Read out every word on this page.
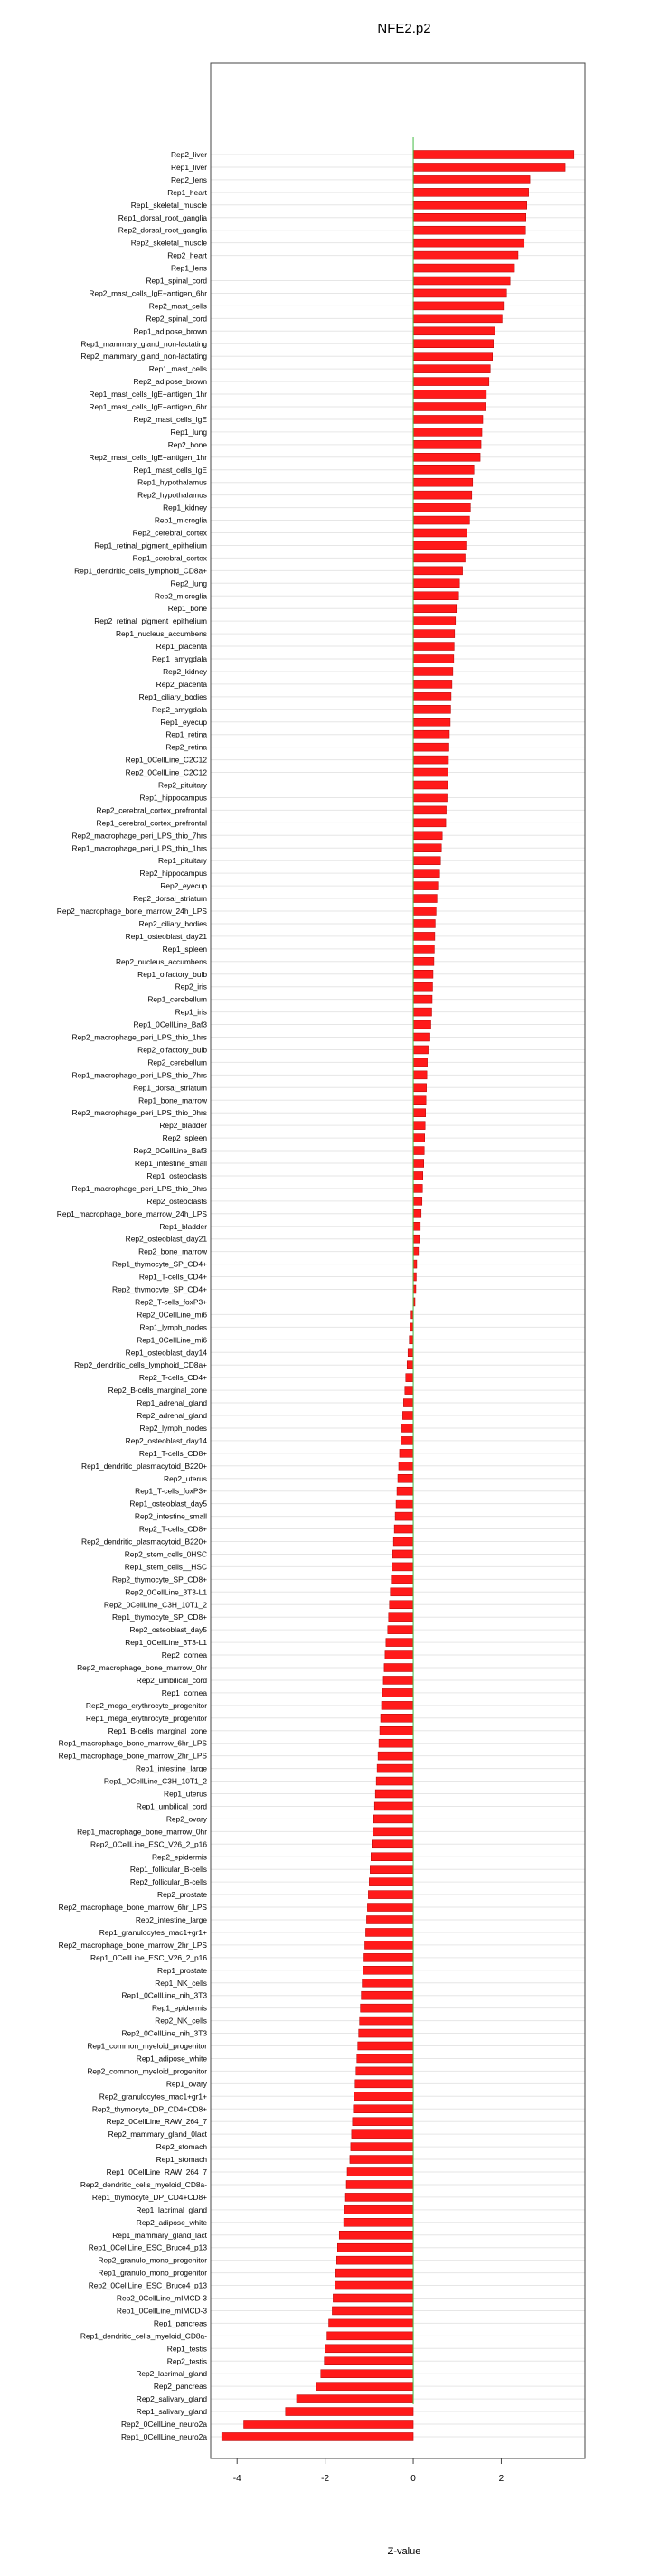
NFE2.p2
Rep2_liver
Rep1_liver
Rep2_lens
Rep1_heart
Rep1_skeletal_muscle
Rep1_dorsal_root_ganglia
Rep2_dorsal_root_ganglia
Rep2_skeletal_muscle
Rep2_heart
Rep1_lens
Rep1_spinal_cord
Rep2_mast_cells_IgE+antigen_6hr
Rep2_mast_cells
Rep2_spinal_cord
Rep1_adipose_brown
Rep1_mammary_gland_non-lactating
Rep2_mammary_gland_non-lactating
Rep1_mast_cells
Rep2_adipose_brown
Rep1_mast_cells_IgE+antigen_1hr
Rep1_mast_cells_IgE+antigen_6hr
Rep2_mast_cells_IgE
Rep1_lung
Rep2_bone
Rep2_mast_cells_IgE+antigen_1hr
Rep1_mast_cells_IgE
Rep1_hypothalamus
Rep2_hypothalamus
Rep1_kidney
Rep1_microglia
Rep2_cerebral_cortex
Rep1_retinal_pigment_epithelium
Rep1_cerebral_cortex
Rep1_dendritic_cells_lymphoid_CD8a+
Rep2_lung
Rep2_microglia
Rep1_bone
Rep2_retinal_pigment_epithelium
Rep1_nucleus_accumbens
Rep1_placenta
Rep1_amygdala
Rep2_kidney
Rep2_placenta
Rep1_ciliary_bodies
Rep2_amygdala
Rep1_eyecup
Rep1_retina
Rep2_retina
Rep1_0CellLine_C2C12
Rep2_0CellLine_C2C12
Rep2_pituitary
Rep1_hippocampus
Rep2_cerebral_cortex_prefrontal
Rep1_cerebral_cortex_prefrontal
Rep2_macrophage_peri_LPS_thio_7hrs
Rep1_macrophage_peri_LPS_thio_1hrs
Rep1_pituitary
Rep2_hippocampus
Rep2_eyecup
Rep2_dorsal_striatum
Rep2_macrophage_bone_marrow_24h_LPS
Rep2_ciliary_bodies
Rep1_osteoblast_day21
Rep1_spleen
Rep2_nucleus_accumbens
Rep1_olfactory_bulb
Rep2_iris
Rep1_cerebellum
Rep1_iris
Rep1_0CellLine_Baf3
Rep2_macrophage_peri_LPS_thio_1hrs
Rep2_olfactory_bulb
Rep2_cerebellum
Rep1_macrophage_peri_LPS_thio_7hrs
Rep1_dorsal_striatum
Rep1_bone_marrow
Rep2_macrophage_peri_LPS_thio_0hrs
Rep2_bladder
Rep2_spleen
Rep2_0CellLine_Baf3
Rep1_intestine_small
Rep1_osteoclasts
Rep1_macrophage_peri_LPS_thio_0hrs
Rep2_osteoclasts
Rep1_macrophage_bone_marrow_24h_LPS
Rep1_bladder
Rep2_osteoblast_day21
Rep2_bone_marrow
Rep1_thymocyte_SP_CD4+
Rep1_T-cells_CD4+
Rep2_thymocyte_SP_CD4+
Rep2_T-cells_foxP3+
Rep2_0CellLine_mi6
Rep1_lymph_nodes
Rep1_0CellLine_mi6
Rep1_osteoblast_day14
Rep2_dendritic_cells_lymphoid_CD8a+
Rep2_T-cells_CD4+
Rep2_B-cells_marginal_zone
Rep1_adrenal_gland
Rep2_adrenal_gland
Rep2_lymph_nodes
Rep2_osteoblast_day14
Rep1_T-cells_CD8+
Rep1_dendritic_plasmacytoid_B220+
Rep2_uterus
Rep1_T-cells_foxP3+
Rep1_osteoblast_day5
Rep2_intestine_small
Rep2_T-cells_CD8+
Rep2_dendritic_plasmacytoid_B220+
Rep2_stem_cells_0HSC
Rep1_stem_cells__HSC
Rep2_thymocyte_SP_CD8+
Rep2_0CellLine_3T3-L1
Rep2_0CellLine_C3H_10T1_2
Rep1_thymocyte_SP_CD8+
Rep2_osteoblast_day5
Rep1_0CellLine_3T3-L1
Rep2_cornea
Rep2_macrophage_bone_marrow_0hr
Rep2_umbilical_cord
Rep1_cornea
Rep2_mega_erythrocyte_progenitor
Rep1_mega_erythrocyte_progenitor
Rep1_B-cells_marginal_zone
Rep1_macrophage_bone_marrow_6hr_LPS
Rep1_macrophage_bone_marrow_2hr_LPS
Rep1_intestine_large
Rep1_0CellLine_C3H_10T1_2
Rep1_uterus
Rep1_umbilical_cord
Rep2_ovary
Rep1_macrophage_bone_marrow_0hr
Rep2_0CellLine_ESC_V26_2_p16
Rep2_epidermis
Rep1_follicular_B-cells
Rep2_follicular_B-cells
Rep2_prostate
Rep2_macrophage_bone_marrow_6hr_LPS
Rep2_intestine_large
Rep1_granulocytes_mac1+gr1+
Rep2_macrophage_bone_marrow_2hr_LPS
Rep1_0CellLine_ESC_V26_2_p16
Rep1_prostate
Rep1_NK_cells
Rep1_0CellLine_nih_3T3
Rep1_epidermis
Rep2_NK_cells
Rep2_0CellLine_nih_3T3
Rep1_common_myeloid_progenitor
Rep1_adipose_white
Rep2_common_myeloid_progenitor
Rep1_ovary
Rep2_granulocytes_mac1+gr1+
Rep2_thymocyte_DP_CD4+CD8+
Rep2_0CellLine_RAW_264_7
Rep2_mammary_gland_0lact
Rep2_stomach
Rep1_stomach
Rep1_0CellLine_RAW_264_7
Rep2_dendritic_cells_myeloid_CD8a-
Rep1_thymocyte_DP_CD4+CD8+
Rep1_lacrimal_gland
Rep2_adipose_white
Rep1_mammary_gland_lact
Rep1_0CellLine_ESC_Bruce4_p13
Rep2_granulo_mono_progenitor
Rep1_granulo_mono_progenitor
Rep2_0CellLine_ESC_Bruce4_p13
Rep2_0CellLine_mIMCD-3
Rep1_0CellLine_mIMCD-3
Rep1_pancreas
Rep1_dendritic_cells_myeloid_CD8a-
Rep1_testis
Rep2_testis
Rep2_lacrimal_gland
Rep2_pancreas
Rep2_salivary_gland
Rep1_salivary_gland
Rep2_0CellLine_neuro2a
Rep1_0CellLine_neuro2a
-4	-2	0	2
Z-value
